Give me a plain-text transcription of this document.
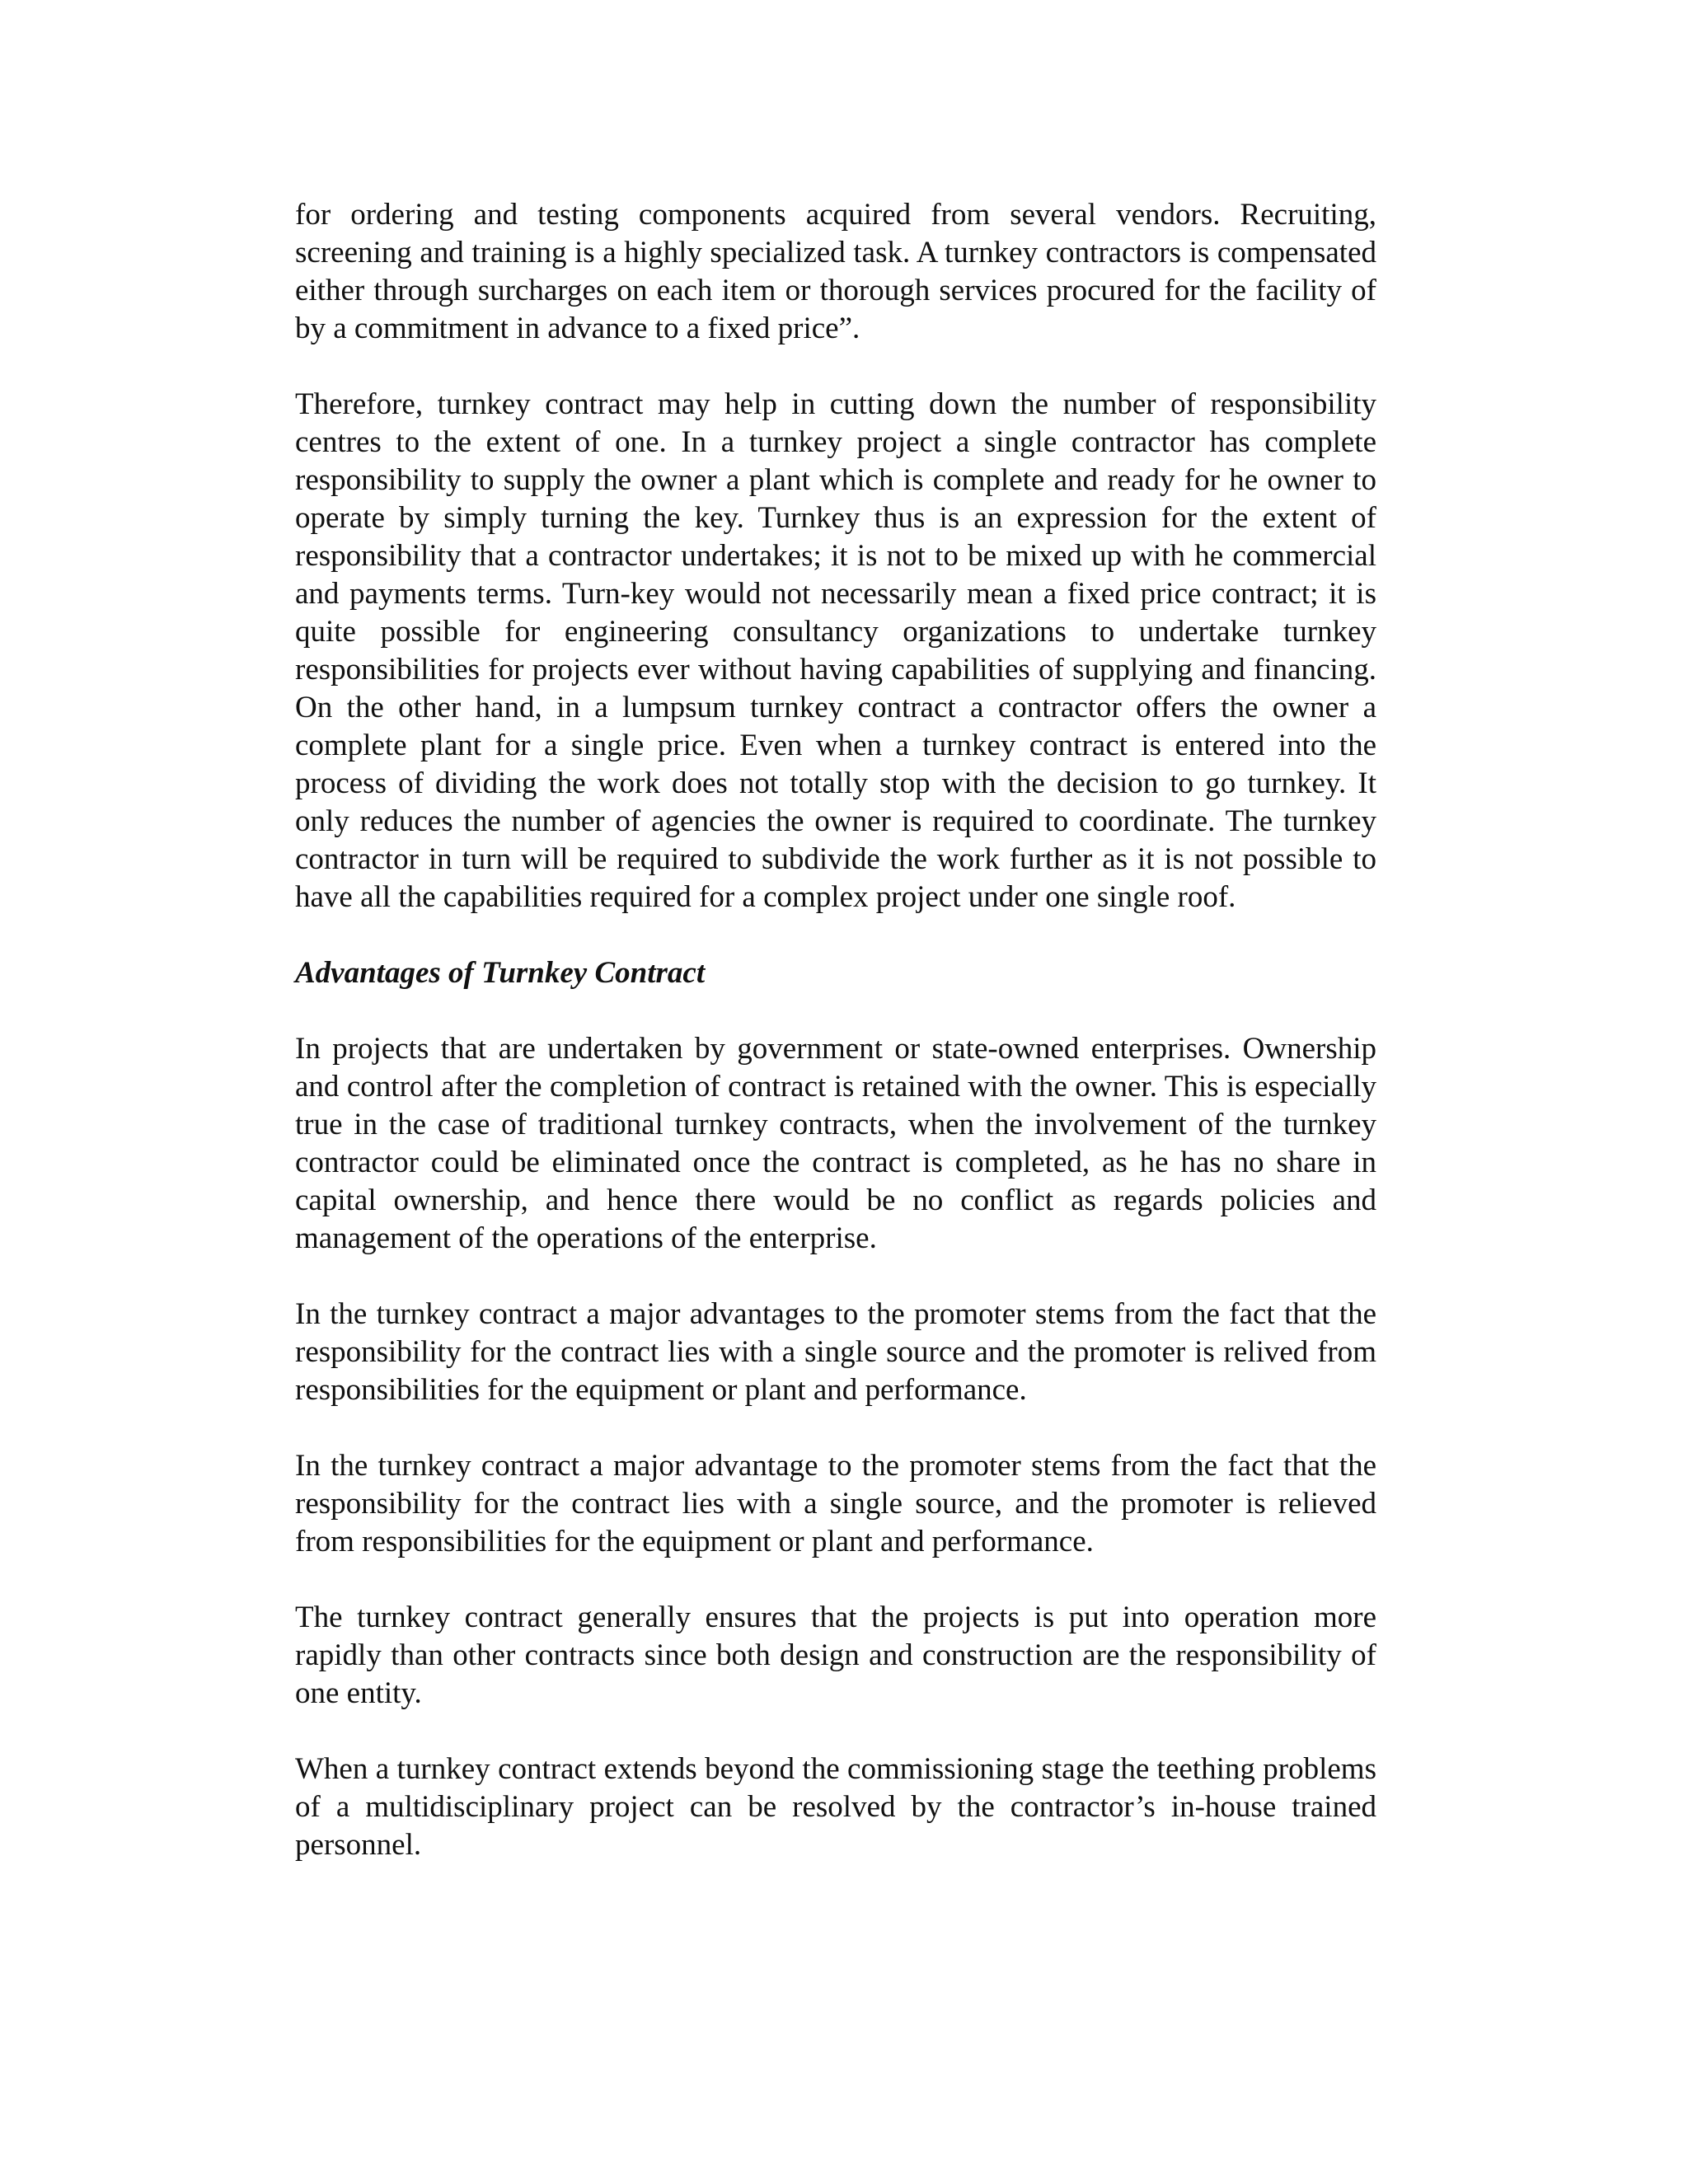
for ordering and testing components acquired from several vendors. Recruiting, screening and training is a highly specialized task. A turnkey contractors is compensated either through surcharges on each item or thorough services procured for the facility of by a commitment in advance to a fixed price”.

Therefore, turnkey contract may help in cutting down the number of responsibility centres to the extent of one. In a turnkey project a single contractor has complete responsibility to supply the owner a plant which is complete and ready for he owner to operate by simply turning the key. Turnkey thus is an expression for the extent of responsibility that a contractor undertakes; it is not to be mixed up with he commercial and payments terms. Turn-key would not necessarily mean a fixed price contract; it is quite possible for engineering consultancy organizations to undertake turnkey responsibilities for projects ever without having capabilities of supplying and financing. On the other hand, in a lumpsum turnkey contract a contractor offers the owner a complete plant for a single price. Even when a turnkey contract is entered into the process of dividing the work does not totally stop with the decision to go turnkey. It only reduces the number of agencies the owner is required to coordinate. The turnkey contractor in turn will be required to subdivide the work further as it is not possible to have all the capabilities required for a complex project under one single roof.

Advantages of Turnkey Contract

In projects that are undertaken by government or state-owned enterprises. Ownership and control after the completion of contract is retained with the owner. This is especially true in the case of traditional turnkey contracts, when the involvement of the turnkey contractor could be eliminated once the contract is completed, as he has no share in capital ownership, and hence there would be no conflict as regards policies and management of the operations of the enterprise.

In the turnkey contract a major advantages to the promoter stems from the fact that the responsibility for the contract lies with a single source and the promoter is relived from responsibilities for the equipment or plant and performance.

In the turnkey contract a major advantage to the promoter stems from the fact that the responsibility for the contract lies with a single source, and the promoter is relieved from responsibilities for the equipment or plant and performance.

The turnkey contract generally ensures that the projects is put into operation more rapidly than other contracts since both design and construction are the responsibility of one entity.

When a turnkey contract extends beyond the commissioning stage the teething problems of a multidisciplinary project can be resolved by the contractor’s in-house trained personnel.
